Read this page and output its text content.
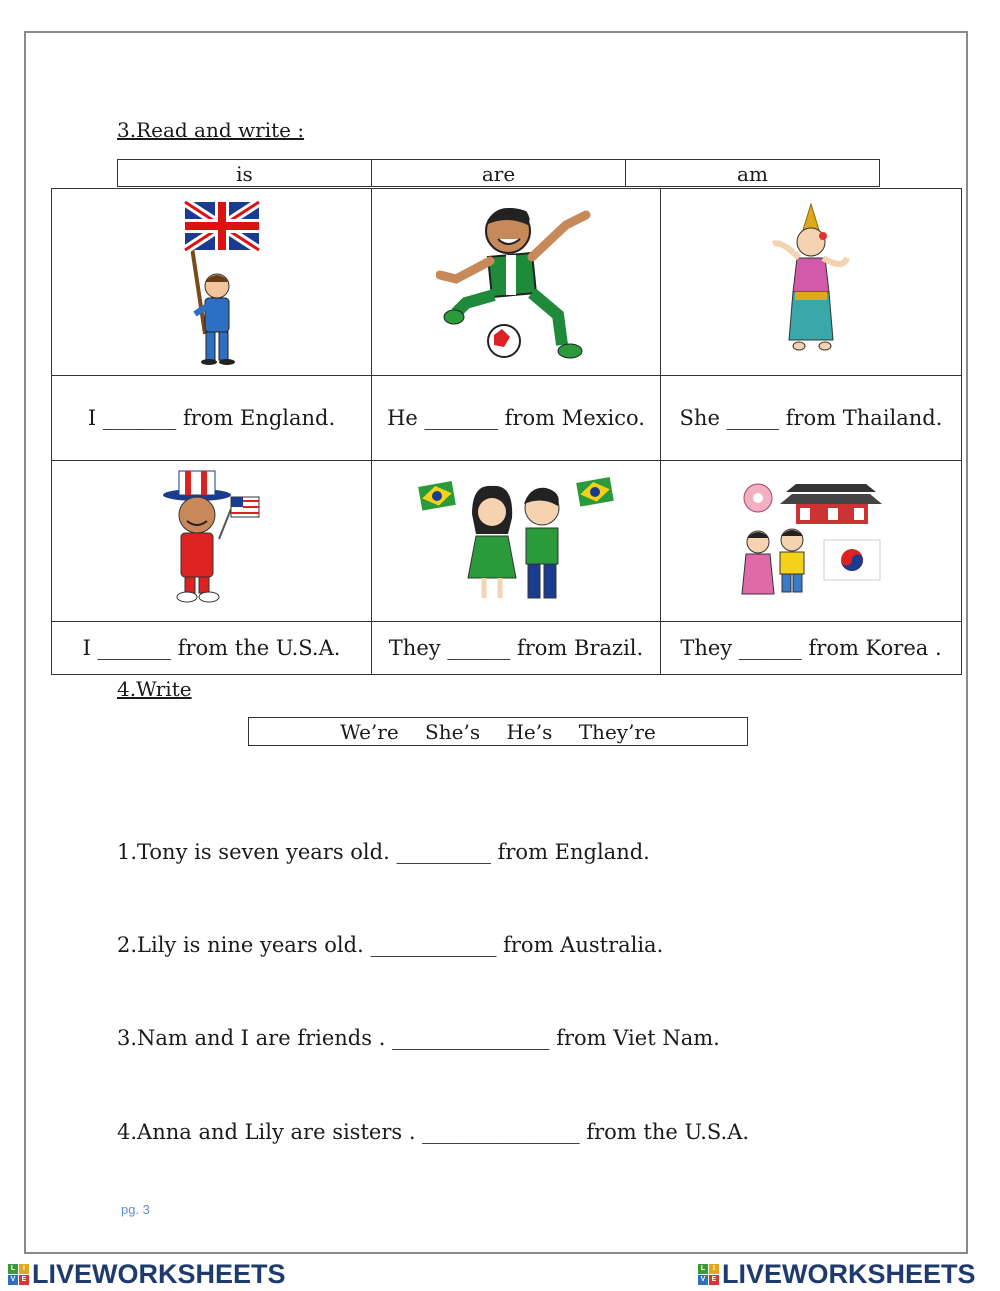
3.Read and write :
is	are	am

I _______ from England.	He _______ from Mexico.	She _____ from Thailand.

I _______ from the U.S.A.	They ______ from Brazil.	They ______ from Korea .
4.Write
We’re She’s He’s They’re
1.Tony is seven years old. _________ from England.
2.Lily is nine years old. ____________ from Australia.
3.Nam and I are friends . _______________ from Viet Nam.
4.Anna and Lily are sisters . _______________ from the U.S.A.
pg. 3
L	I
V E LIVEWORKSHEETS	L	I
V E LIVEWORKSHEETS
